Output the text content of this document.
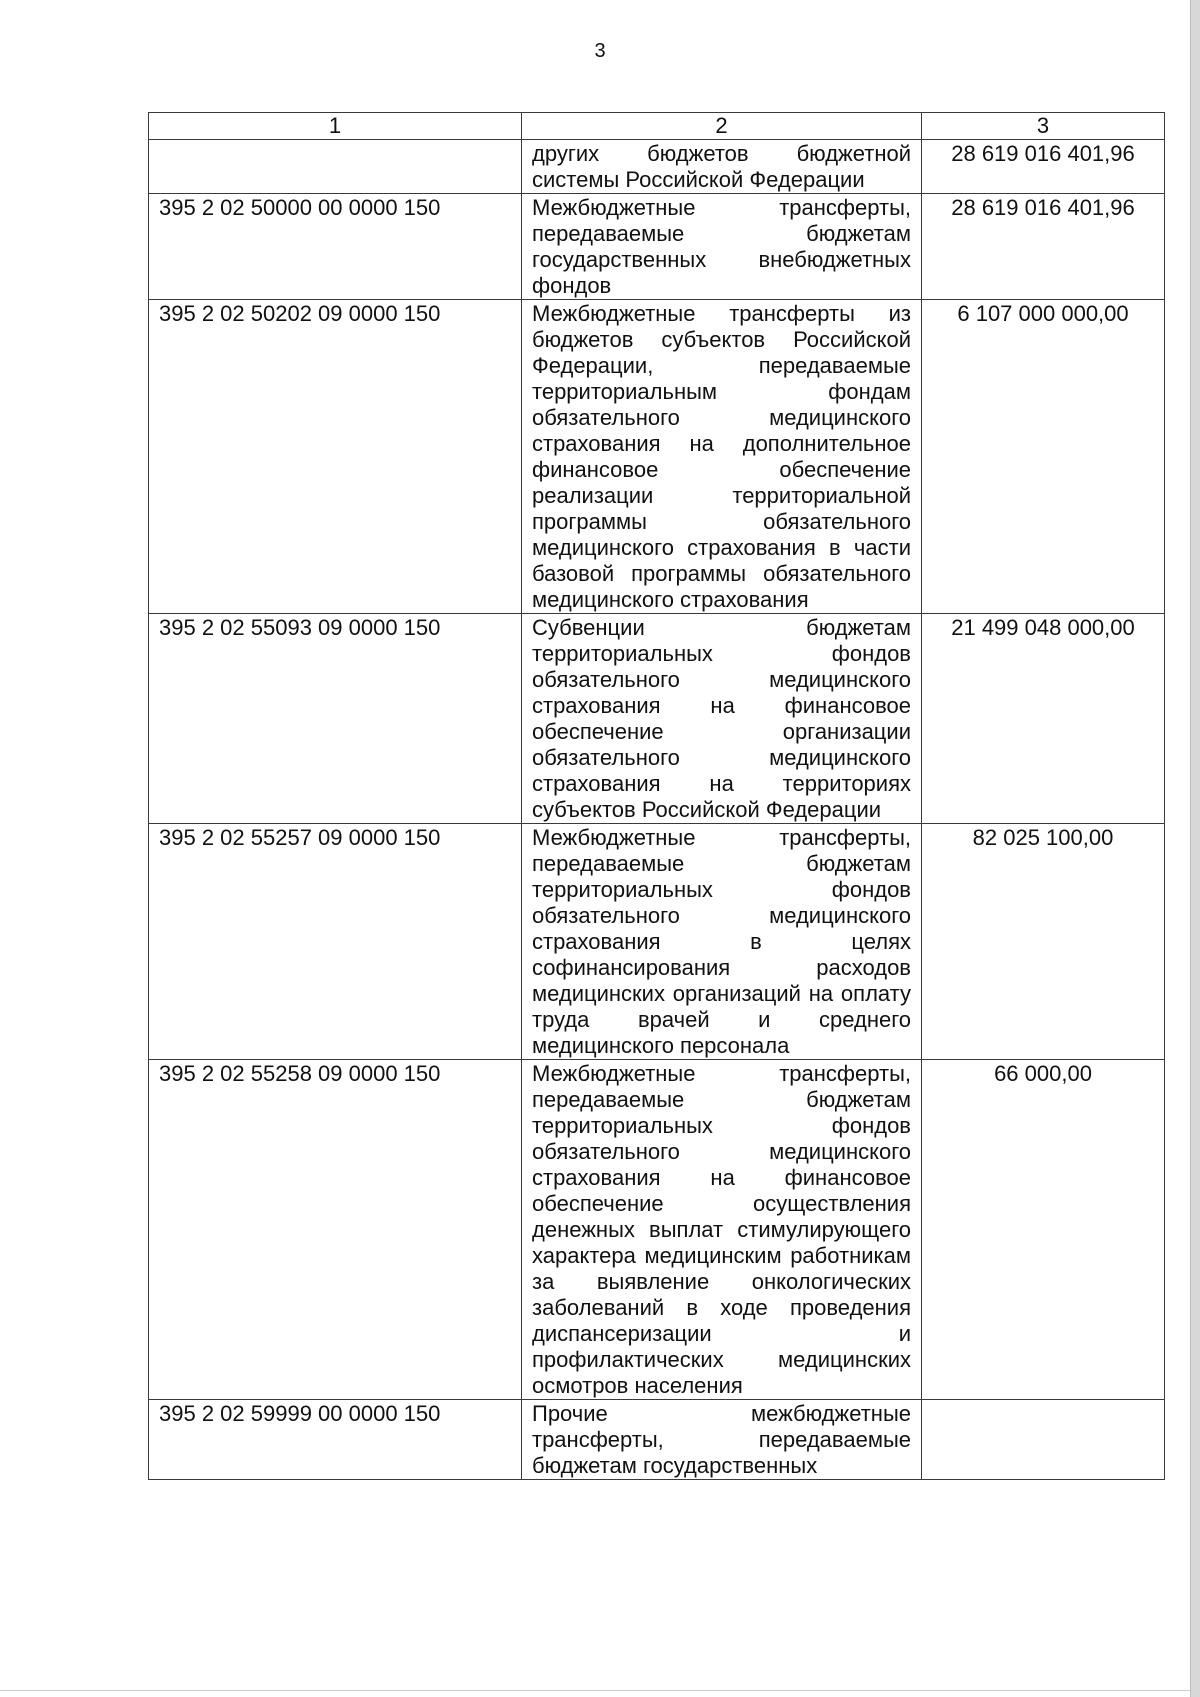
3
1	2	3
	других бюджетов бюджетной системы Российской Федерации	28 619 016 401,96
395 2 02 50000 00 0000 150	Межбюджетные трансферты, передаваемые бюджетам государственных внебюджетных фондов	28 619 016 401,96
395 2 02 50202 09 0000 150	Межбюджетные трансферты из бюджетов субъектов Российской Федерации, передаваемые территориальным фондам обязательного медицинского страхования на дополнительное финансовое обеспечение реализации территориальной программы обязательного медицинского страхования в части базовой программы обязательного медицинского страхования	6 107 000 000,00
395 2 02 55093 09 0000 150	Субвенции бюджетам территориальных фондов обязательного медицинского страхования на финансовое обеспечение организации обязательного медицинского страхования на территориях субъектов Российской Федерации	21 499 048 000,00
395 2 02 55257 09 0000 150	Межбюджетные трансферты, передаваемые бюджетам территориальных фондов обязательного медицинского страхования в целях софинансирования расходов медицинских организаций на оплату труда врачей и среднего медицинского персонала	82 025 100,00
395 2 02 55258 09 0000 150	Межбюджетные трансферты, передаваемые бюджетам территориальных фондов обязательного медицинского страхования на финансовое обеспечение осуществления денежных выплат стимулирующего характера медицинским работникам за выявление онкологических заболеваний в ходе проведения диспансеризации и профилактических медицинских осмотров населения	66 000,00
395 2 02 59999 00 0000 150	Прочие межбюджетные трансферты, передаваемые бюджетам государственных	
